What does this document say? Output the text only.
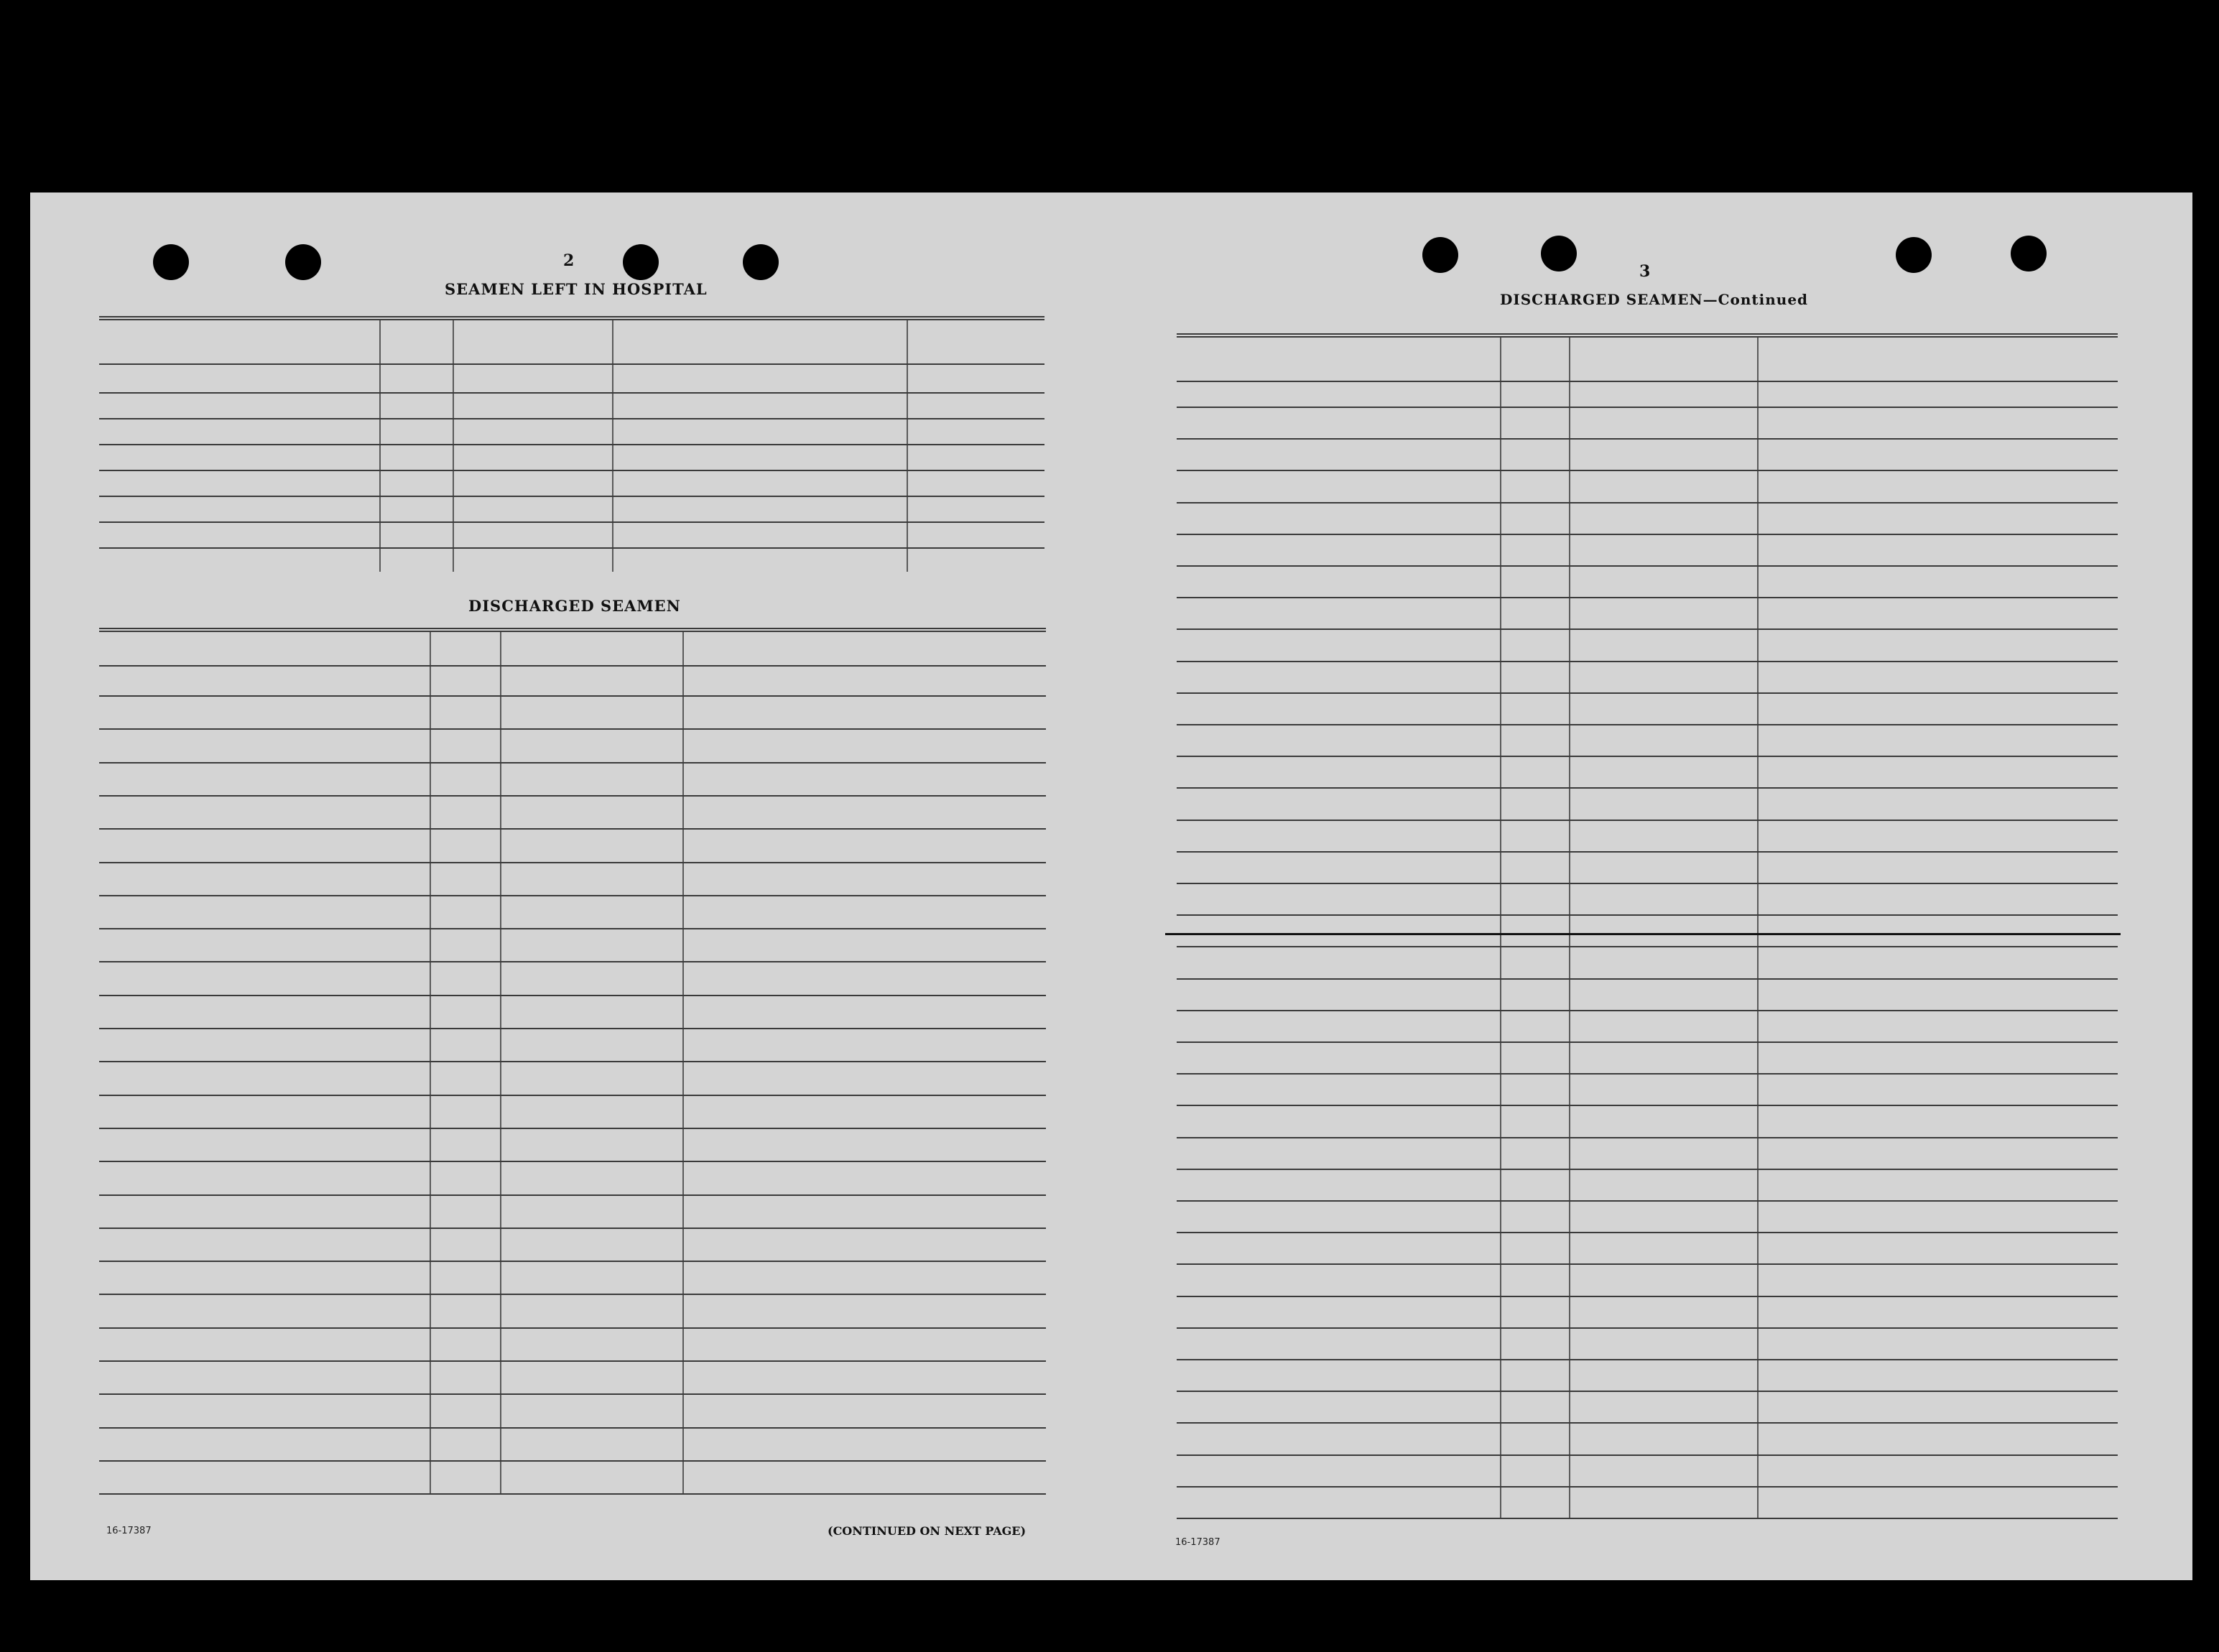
2
SEAMEN LEFT IN HOSPITAL
DISCHARGED SEAMEN
16-17387	(CONTINUED ON NEXT PAGE)
3
DISCHARGED SEAMEN—Continued
16-17387
